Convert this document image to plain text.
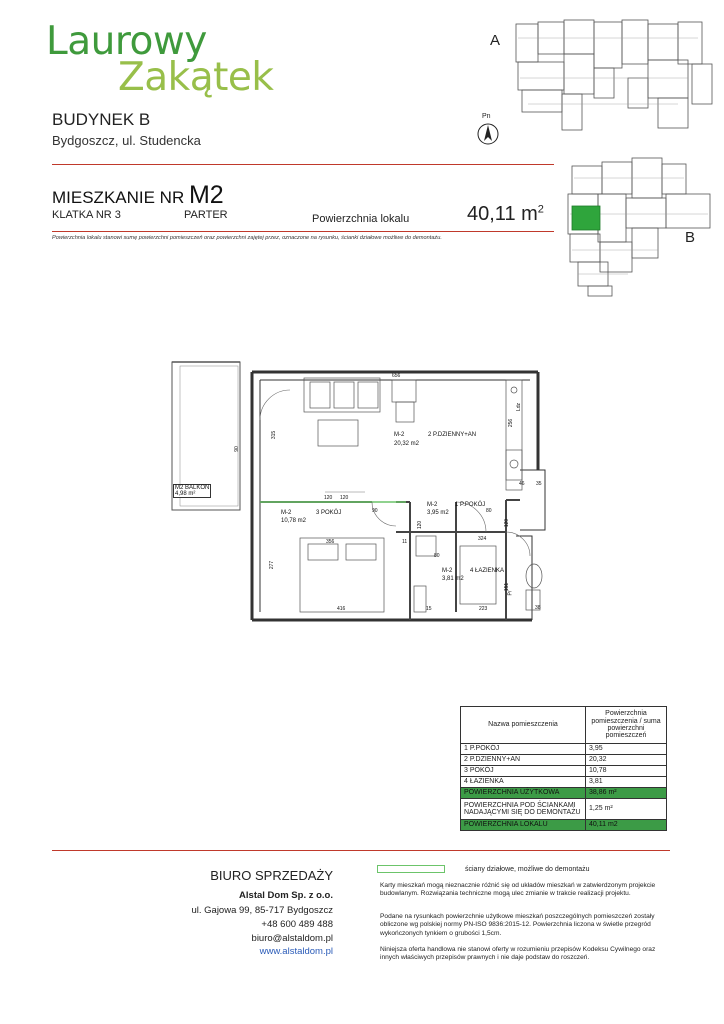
Laurowy
Zakątek
BUDYNEK B
Bydgoszcz, ul. Studencka
MIESZKANIE NR M2
KLATKA NR 3	PARTER	Powierzchnia lokalu	40,11 $m^2$
Powierzchnia lokalu stanowi sumę powierzchni pomieszczeń oraz powierzchni zajętej przez, oznaczone na rysunku, ścianki działowe możliwe do demontażu.
A
B
Pn
M2 BALKON
4,98 m²
M-2	2 P.DZIENNY+AN
20,32 m2
M-2	1 P.POKÓJ
3,95 m2
M-2	3 POKÓJ
10,78 m2
M-2	4 ŁAZIENKA
3,81 m2
656
315
256
46 35
120
356	11	324
277
416	15	223
151
38
120
90
90	80
80
120 120
Ldz
Pr
Nazwa pomieszczenia	Powierzchnia pomieszczenia / suma powierzchni pomieszczeń
1 P.POKÓJ	3,95
2 P.DZIENNY+AN	20,32
3 POKÓJ	10,78
4 ŁAZIENKA	3,81
POWIERZCHNIA UŻYTKOWA	38,86 m²
POWIERZCHNIA POD ŚCIANKAMI NADAJĄCYMI SIĘ DO DEMONTAŻU	1,25 m²
POWIERZCHNIA LOKALU	40,11 m2
BIURO SPRZEDAŻY
Alstal Dom Sp. z o.o.
ul. Gajowa 99, 85-717 Bydgoszcz
+48 600 489 488
biuro@alstaldom.pl
www.alstaldom.pl
ściany działowe, możliwe do demontażu
Karty mieszkań mogą nieznacznie różnić się od układów mieszkań w zatwierdzonym projekcie budowlanym. Rozwiązania techniczne mogą ulec zmianie w trakcie realizacji projektu.
Podane na rysunkach powierzchnie użytkowe mieszkań poszczególnych pomieszczeń zostały obliczone wg polskiej normy PN-ISO 9836:2015-12. Powierzchnia liczona w świetle przegród wykończonych tynkiem o grubości 1,5cm.
Niniejsza oferta handlowa nie stanowi oferty w rozumieniu przepisów Kodeksu Cywilnego oraz innych właściwych przepisów prawnych i nie daje podstaw do roszczeń.
